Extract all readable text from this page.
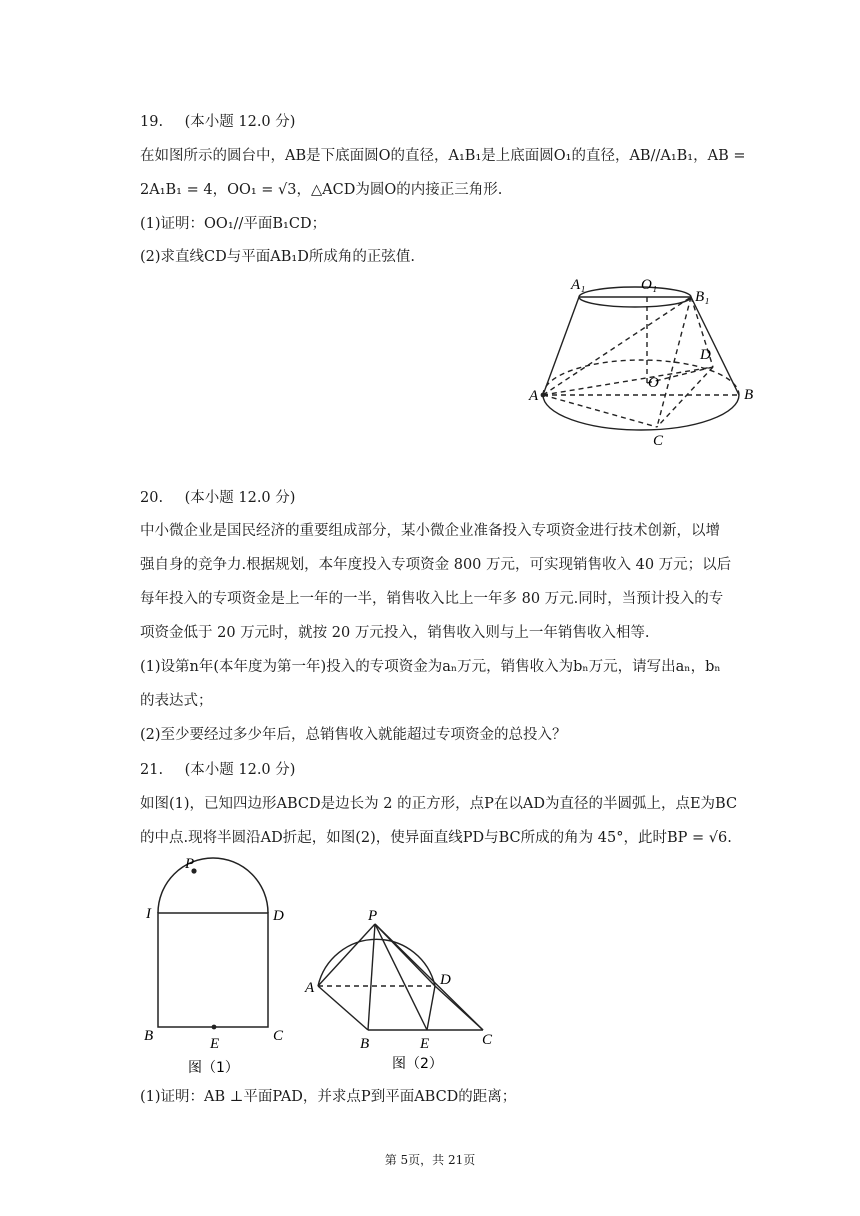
19. (本小题 12.0 分)
在如图所示的圆台中，AB是下底面圆O的直径，A₁B₁是上底面圆O₁的直径，AB//A₁B₁，AB =
2A₁B₁ = 4，OO₁ = √3，△ACD为圆O的内接正三角形.
(1)证明：OO₁//平面B₁CD；
(2)求直线CD与平面AB₁D所成角的正弦值.
A₁	O₁
B₁
D
O
A	B
C
20. (本小题 12.0 分)
中小微企业是国民经济的重要组成部分，某小微企业准备投入专项资金进行技术创新，以增
强自身的竞争力.根据规划，本年度投入专项资金 800 万元，可实现销售收入 40 万元；以后
每年投入的专项资金是上一年的一半，销售收入比上一年多 80 万元.同时，当预计投入的专
项资金低于 20 万元时，就按 20 万元投入，销售收入则与上一年销售收入相等.
(1)设第n年(本年度为第一年)投入的专项资金为aₙ万元，销售收入为bₙ万元，请写出aₙ，bₙ
的表达式；
(2)至少要经过多少年后，总销售收入就能超过专项资金的总投入？
21. (本小题 12.0 分)
如图(1)，已知四边形ABCD是边长为 2 的正方形，点P在以AD为直径的半圆弧上，点E为BC
的中点.现将半圆沿AD折起，如图(2)，使异面直线PD与BC所成的角为 45°，此时BP = √6.
P
I	D
B	E	C
图（1）
P
A	D
B	E	C
图（2）
(1)证明：AB ⊥平面PAD，并求点P到平面ABCD的距离；
第 5页，共 21页
